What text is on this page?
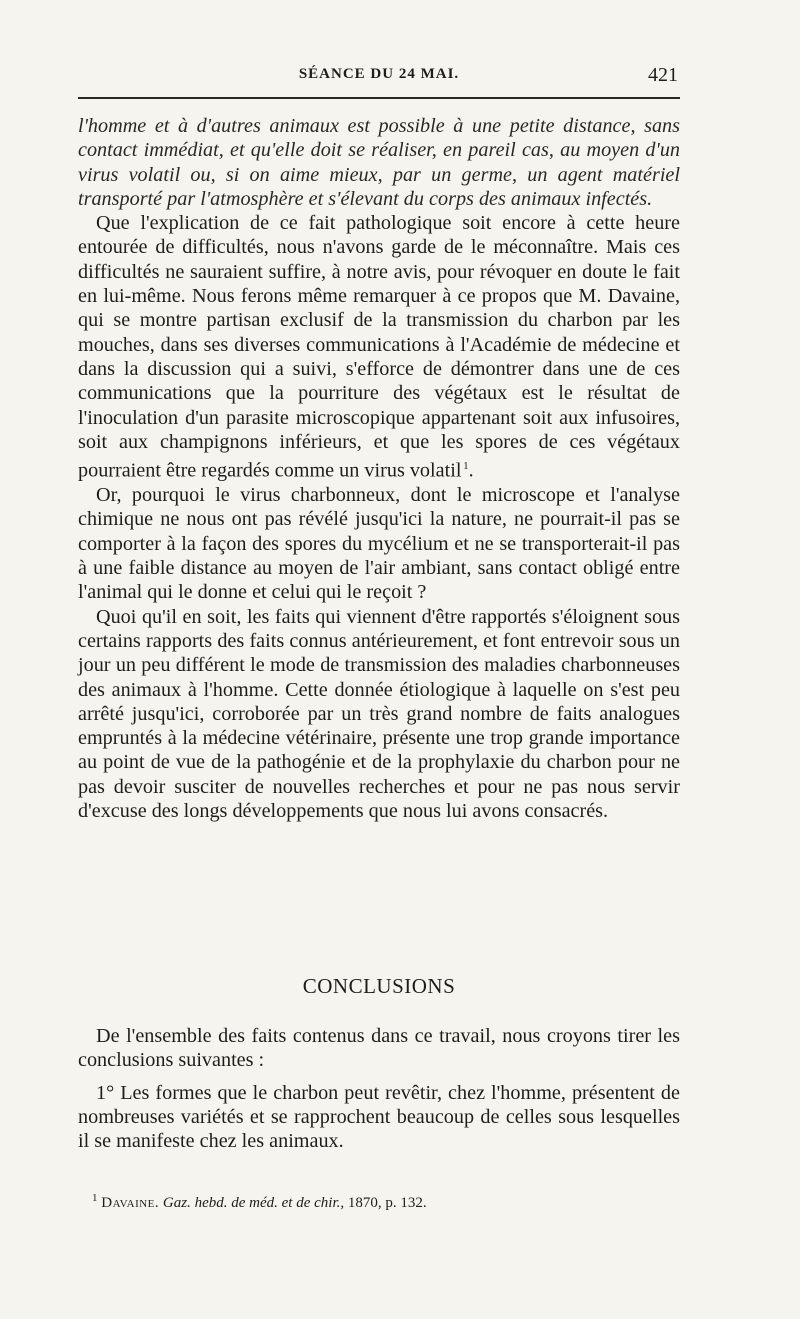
SÉANCE DU 24 MAI.	421

l'homme et à d'autres animaux est possible à une petite distance, sans contact immédiat, et qu'elle doit se réaliser, en pareil cas, au moyen d'un virus volatil ou, si on aime mieux, par un germe, un agent matériel transporté par l'atmosphère et s'élevant du corps des animaux infectés.

Que l'explication de ce fait pathologique soit encore à cette heure entourée de difficultés, nous n'avons garde de le méconnaître. Mais ces difficultés ne sauraient suffire, à notre avis, pour révoquer en doute le fait en lui-même. Nous ferons même remarquer à ce propos que M. Davaine, qui se montre partisan exclusif de la transmission du charbon par les mouches, dans ses diverses communications à l'Académie de médecine et dans la discussion qui a suivi, s'efforce de démontrer dans une de ces communications que la pourriture des végétaux est le résultat de l'inoculation d'un parasite microscopique appartenant soit aux infusoires, soit aux champignons inférieurs, et que les spores de ces végétaux pourraient être regardés comme un virus volatil  $^1$.

Or, pourquoi le virus charbonneux, dont le microscope et l'analyse chimique ne nous ont pas révélé jusqu'ici la nature, ne pourrait-il pas se comporter à la façon des spores du mycélium et ne se transporterait-il pas à une faible distance au moyen de l'air ambiant, sans contact obligé entre l'animal qui le donne et celui qui le reçoit ?

Quoi qu'il en soit, les faits qui viennent d'être rapportés s'éloignent sous certains rapports des faits connus antérieurement, et font entrevoir sous un jour un peu différent le mode de transmission des maladies charbonneuses des animaux à l'homme. Cette donnée étiologique à laquelle on s'est peu arrêté jusqu'ici, corroborée par un très grand nombre de faits analogues empruntés à la médecine vétérinaire, présente une trop grande importance au point de vue de la pathogénie et de la prophylaxie du charbon pour ne pas devoir susciter de nouvelles recherches et pour ne pas nous servir d'excuse des longs développements que nous lui avons consacrés.

CONCLUSIONS

De l'ensemble des faits contenus dans ce travail, nous croyons tirer les conclusions suivantes :

1° Les formes que le charbon peut revêtir, chez l'homme, présentent de nombreuses variétés et se rapprochent beaucoup de celles sous lesquelles il se manifeste chez les animaux.

$^1$ Davaine. Gaz. hebd. de méd. et de chir., 1870, p. 132.
